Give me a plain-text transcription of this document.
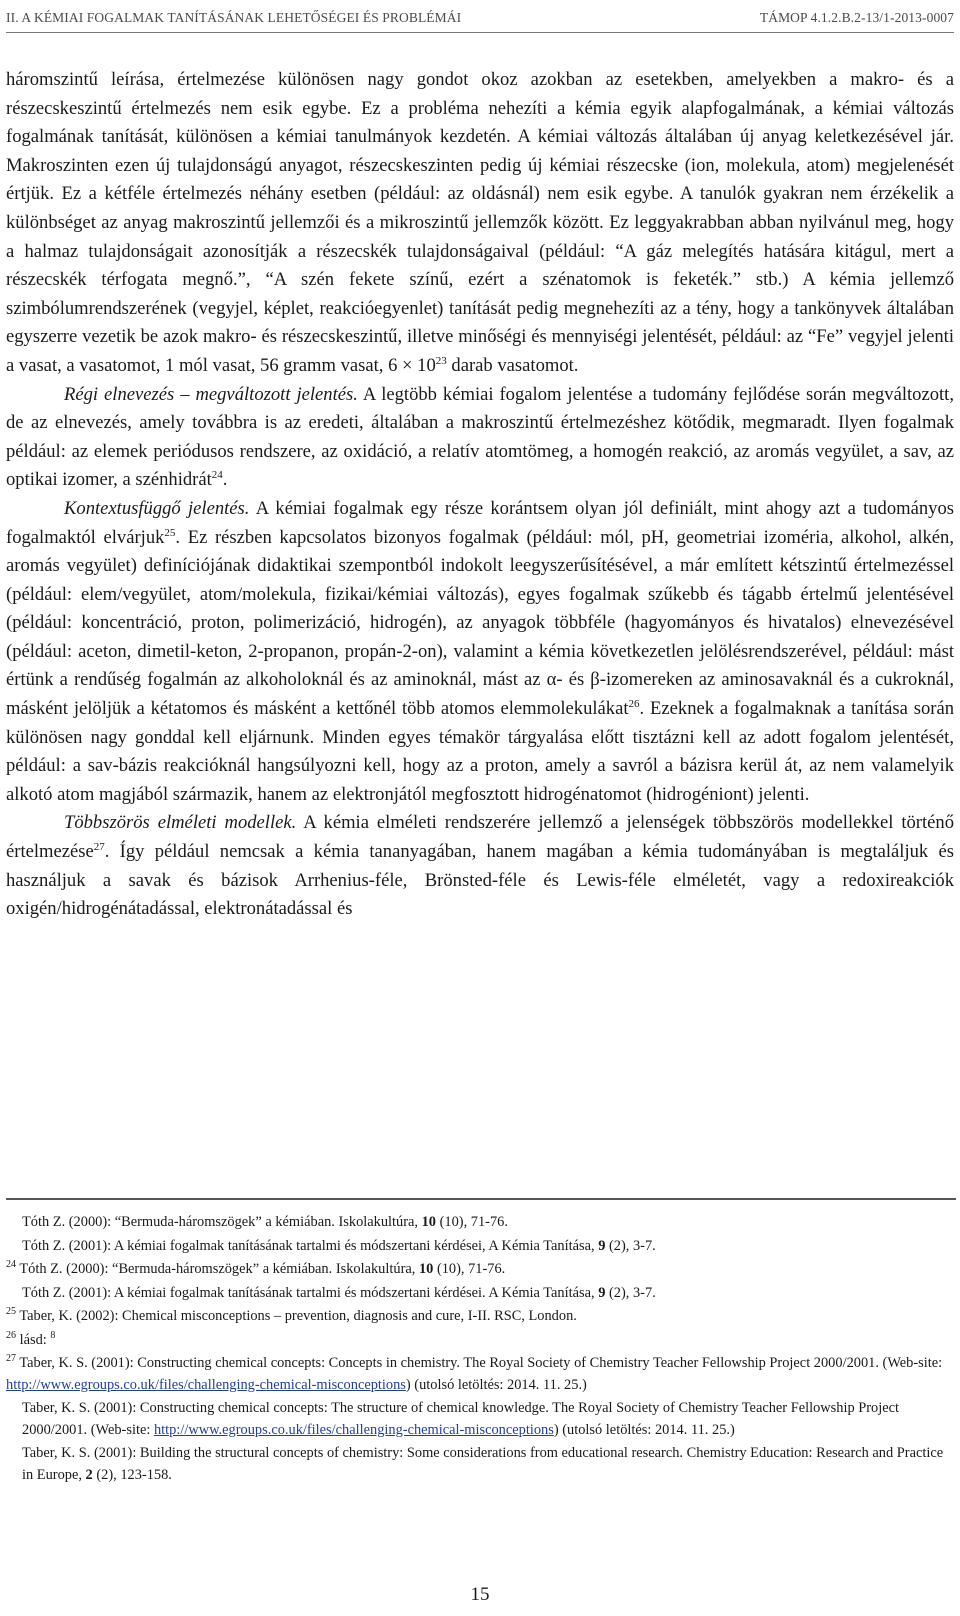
II. A KÉMIAI FOGALMAK TANÍTÁSÁNAK LEHETŐSÉGEI ÉS PROBLÉMÁI	TÁMOP 4.1.2.B.2-13/1-2013-0007

háromszintű leírása, értelmezése különösen nagy gondot okoz azokban az esetekben, amelyekben a makro- és a részecskeszintű értelmezés nem esik egybe. Ez a probléma nehezíti a kémia egyik alapfogalmának, a kémiai változás fogalmának tanítását, különösen a kémiai tanulmányok kezdetén. A kémiai változás általában új anyag keletkezésével jár. Makroszinten ezen új tulajdonságú anyagot, részecskeszinten pedig új kémiai részecske (ion, molekula, atom) megjelenését értjük. Ez a kétféle értelmezés néhány esetben (például: az oldásnál) nem esik egybe. A tanulók gyakran nem érzékelik a különbséget az anyag makroszintű jellemzői és a mikroszintű jellemzők között. Ez leggyakrabban abban nyilvánul meg, hogy a halmaz tulajdonságait azonosítják a részecskék tulajdonságaival (például: “A gáz melegítés hatására kitágul, mert a részecskék térfogata megnő.”, “A szén fekete színű, ezért a szénatomok is feketék.” stb.) A kémia jellemző szimbólumrendszerének (vegyjel, képlet, reakcióegyenlet) tanítását pedig megnehezíti az a tény, hogy a tankönyvek általában egyszerre vezetik be azok makro- és részecskeszintű, illetve minőségi és mennyiségi jelentését, például: az “Fe” vegyjel jelenti a vasat, a vasatomot, 1 mól vasat, 56 gramm vasat, $6 \times 10^{23}$ darab vasatomot.

Régi elnevezés – megváltozott jelentés. A legtöbb kémiai fogalom jelentése a tudomány fejlődése során megváltozott, de az elnevezés, amely továbbra is az eredeti, általában a makroszintű értelmezéshez kötődik, megmaradt. Ilyen fogalmak például: az elemek periódusos rendszere, az oxidáció, a relatív atomtömeg, a homogén reakció, az aromás vegyület, a sav, az optikai izomer, a szénhidrát$^{24}$.

Kontextusfüggő jelentés. A kémiai fogalmak egy része korántsem olyan jól definiált, mint ahogy azt a tudományos fogalmaktól elvárjuk$^{25}$. Ez részben kapcsolatos bizonyos fogalmak (például: mól, pH, geometriai izoméria, alkohol, alkén, aromás vegyület) definíciójának didaktikai szempontból indokolt leegyszerűsítésével, a már említett kétszintű értelmezéssel (például: elem/vegyület, atom/molekula, fizikai/kémiai változás), egyes fogalmak szűkebb és tágabb értelmű jelentésével (például: koncentráció, proton, polimerizáció, hidrogén), az anyagok többféle (hagyományos és hivatalos) elnevezésével (például: aceton, dimetil-keton, 2-propanon, propán-2-on), valamint a kémia következetlen jelölésrendszerével, például: mást értünk a rendűség fogalmán az alkoholoknál és az aminoknál, mást az α- és β-izomereken az aminosavaknál és a cukroknál, másként jelöljük a kétatomos és másként a kettőnél több atomos elemmolekulákat$^{26}$. Ezeknek a fogalmaknak a tanítása során különösen nagy gonddal kell eljárnunk. Minden egyes témakör tárgyalása előtt tisztázni kell az adott fogalom jelentését, például: a sav-bázis reakcióknál hangsúlyozni kell, hogy az a proton, amely a savról a bázisra kerül át, az nem valamelyik alkotó atom magjából származik, hanem az elektronjától megfosztott hidrogénatomot (hidrogéniont) jelenti.

Többszörös elméleti modellek. A kémia elméleti rendszerére jellemző a jelenségek többszörös modellekkel történő értelmezése$^{27}$. Így például nemcsak a kémia tananyagában, hanem magában a kémia tudományában is megtaláljuk és használjuk a savak és bázisok Arrhenius-féle, Brönsted-féle és Lewis-féle elméletét, vagy a redoxireakciók oxigén/hidrogénátadással, elektronátadással és

Tóth Z. (2000): “Bermuda-háromszögek” a kémiában. Iskolakultúra, 10 (10), 71-76.
Tóth Z. (2001): A kémiai fogalmak tanításának tartalmi és módszertani kérdései, A Kémia Tanítása, 9 (2), 3-7.
$^{24}$ Tóth Z. (2000): “Bermuda-háromszögek” a kémiában. Iskolakultúra, 10 (10), 71-76.
Tóth Z. (2001): A kémiai fogalmak tanításának tartalmi és módszertani kérdései. A Kémia Tanítása, 9 (2), 3-7.
$^{25}$ Taber, K. (2002): Chemical misconceptions – prevention, diagnosis and cure, I-II. RSC, London.
$^{26}$ lásd: $^8$
$^{27}$ Taber, K. S. (2001): Constructing chemical concepts: Concepts in chemistry. The Royal Society of Chemistry Teacher Fellowship Project 2000/2001. (Web-site: http://www.egroups.co.uk/files/challenging-chemical-misconceptions) (utolsó letöltés: 2014. 11. 25.)
Taber, K. S. (2001): Constructing chemical concepts: The structure of chemical knowledge. The Royal Society of Chemistry Teacher Fellowship Project 2000/2001. (Web-site: http://www.egroups.co.uk/files/challenging-chemical-misconceptions) (utolsó letöltés: 2014. 11. 25.)
Taber, K. S. (2001): Building the structural concepts of chemistry: Some considerations from educational research. Chemistry Education: Research and Practice in Europe, 2 (2), 123-158.
15
